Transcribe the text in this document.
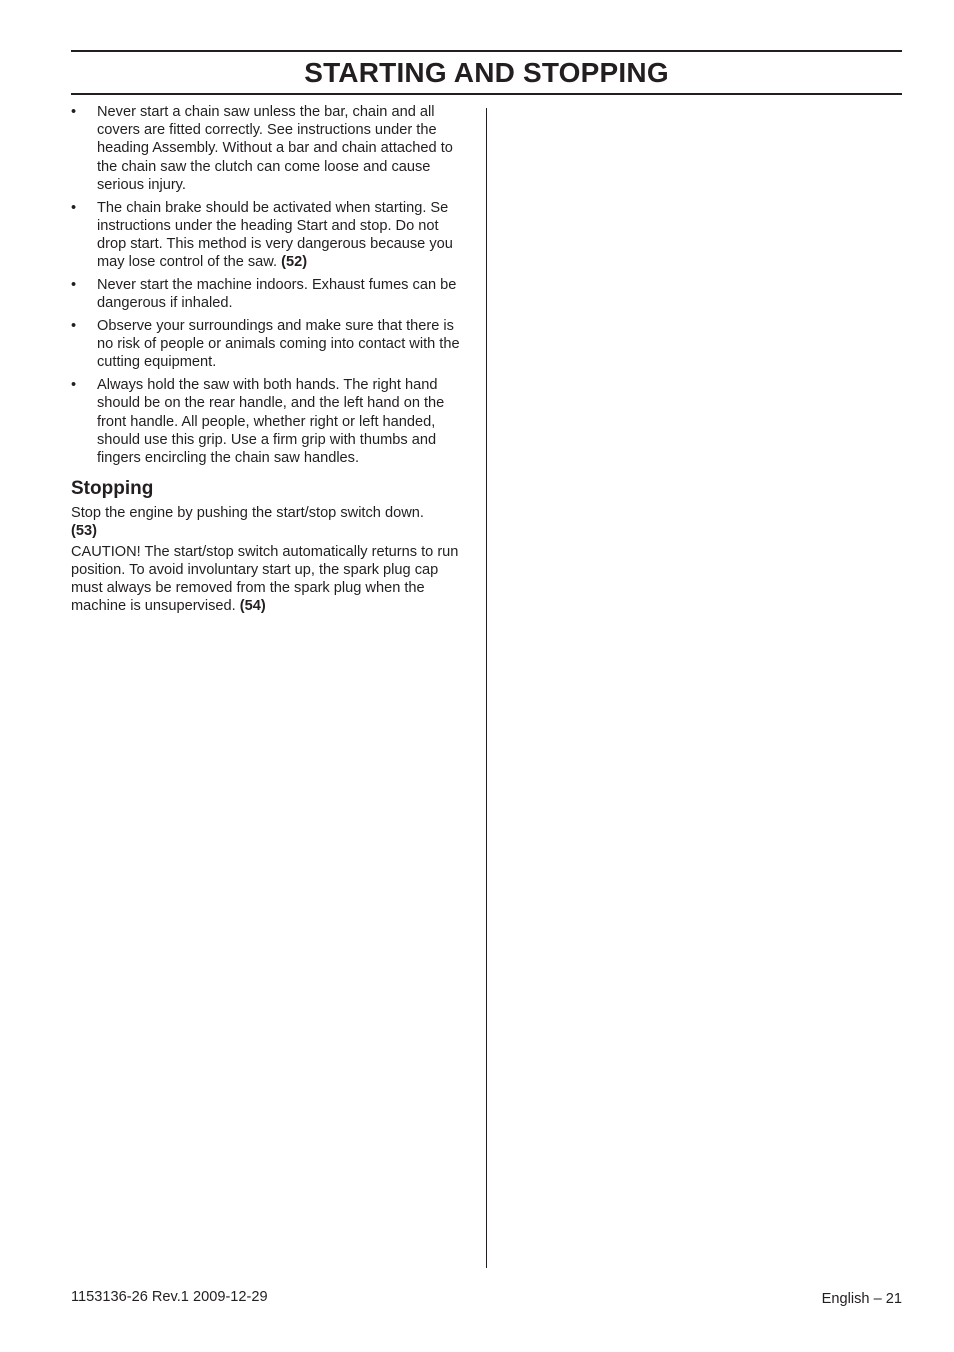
STARTING AND STOPPING
• Never start a chain saw unless the bar, chain and all covers are fitted correctly. See instructions under the heading Assembly. Without a bar and chain attached to the chain saw the clutch can come loose and cause serious injury.
• The chain brake should be activated when starting. Se instructions under the heading Start and stop. Do not drop start. This method is very dangerous because you may lose control of the saw. (52)
• Never start the machine indoors. Exhaust fumes can be dangerous if inhaled.
• Observe your surroundings and make sure that there is no risk of people or animals coming into contact with the cutting equipment.
• Always hold the saw with both hands. The right hand should be on the rear handle, and the left hand on the front handle. All people, whether right or left handed, should use this grip. Use a firm grip with thumbs and fingers encircling the chain saw handles.
Stopping

Stop the engine by pushing the start/stop switch down.
(53)

CAUTION! The start/stop switch automatically returns to run position. To avoid involuntary start up, the spark plug cap must always be removed from the spark plug when the machine is unsupervised. (54)

1153136-26 Rev.1 2009-12-29	English – 21
